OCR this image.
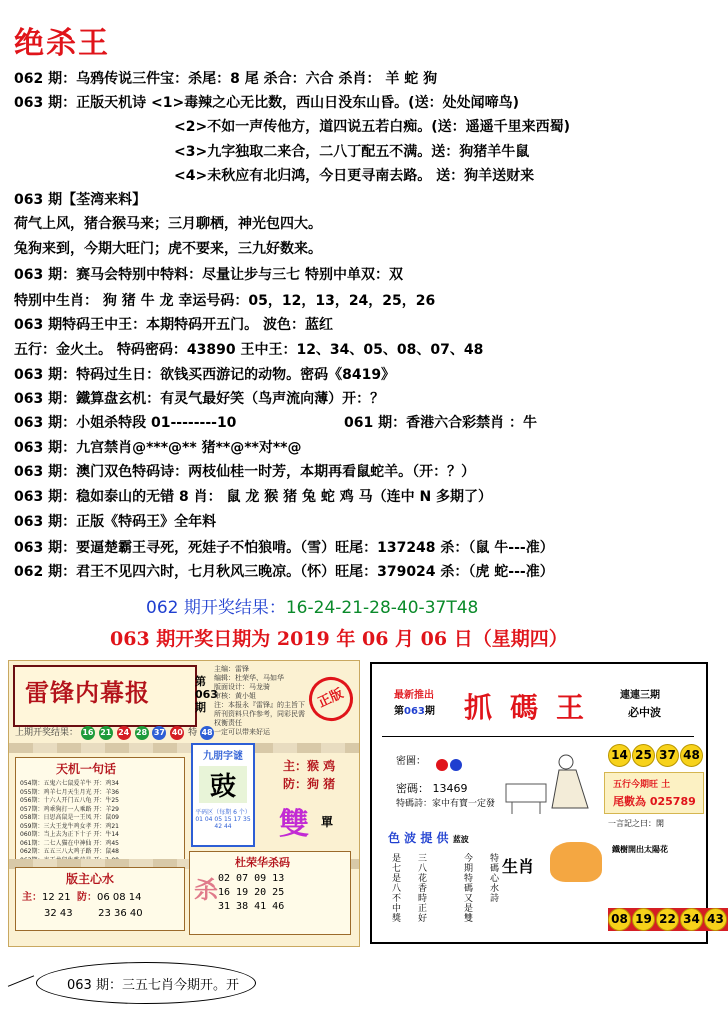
绝杀王
062 期：乌鸦传说三件宝：杀尾：8 尾 杀合：六合 杀肖： 羊 蛇 狗
063 期：正版天机诗 <1>毒辣之心无比数，西山日没东山昏。(送：处处闻啼鸟)
<2>不如一声传他方，道四说五若白痴。(送：遥遥千里来西蜀)
<3>九字独取二来合，二八丁配五不满。送：狗猪羊牛鼠
<4>未秋应有北归鸿，今日更寻南去路。 送：狗羊送财来
063 期【荃湾来料】
荷气上风，猪合猴马来；三月聊栖，神光包四大。
兔狗来到，今期大旺门；虎不要来，三九好数来。
063 期：赛马会特别中特料：尽量让步与三七 特别中单双：双
特别中生肖： 狗 猪 牛 龙 幸运号码：05，12，13，24，25，26
063 期特码王中王：本期特码开五门。 波色：蓝红
五行：金火土。 特码密码：43890 王中王：12、34、05、08、07、48
063 期：特码过生日：欲钱买西游记的动物。密码《8419》
063 期：鐵算盘玄机：有灵气最好笑（鸟声流向薄）开：？
063 期：小姐杀特段 01--------10	061 期：香港六合彩禁肖 ：牛
063 期：九宫禁肖@***@** 猪**@**对**@
063 期：澳门双色特码诗：两枝仙桂一时芳，本期再看鼠蛇羊。（开：？）
063 期：稳如泰山的无错 8 肖： 鼠 龙 猴 猪 兔 蛇 鸡 马（连中 N 多期了）
063 期：正版《特码王》全年料
063 期：要逼楚霸王寻死，死娃子不怕狼啃。（雪）旺尾：137248 杀：（鼠 牛---准）
062 期：君王不见四六时，七月秋风三晚凉。（怀）旺尾：379024 杀：（虎 蛇---准）
062 期开奖结果：16-24-21-28-40-37T48
063 期开奖日期为 2019 年 06 月 06 日（星期四）
雷锋内幕报	第063期
主编：雷锋
编辑：杜荣华、马如华
版面设计：马龙骑
审核：黄小姐
注：本报永『雷锋』的主旨下所刊资料只作参考，同彩民需权衡责任
一定可以带来好运
正版
上期开奖结果： 16 21 24 28 37 40 特 48
天机一句话
054期：五鬼六七鼠爱羊牛 开：鸡34
055期：鸡羊七月天生月光 开：羊36
056期：十六人开门五八龟 开：牛25
057期：鸡乖狗打一人乘路 开：羊29
058期：日思高鼠是一王凤 开：鼠09
059期：三大王龙牛鸡女孝 开：鸡21
060期：当上去为正下十子 开：牛14
061期：二七人猫在中神仙 开：鸡45
062期：五五三八大鸡子路 开：鼠48
九朋字谜
豉
平码区（每期 6 个）
01 04 05 15 17 35 42 44
主：猴 鸡
防：狗 猪
雙 單
版主心水
主：12 21 防：06 08 14
32 43	23 36 40
杀
杜荣华杀码
02 07 09 13
16 19 20 25
31 38 41 46
最新推出
第063期 抓碼王 連連三期
必中波
密圖：
密碼： 13469
特碼詩：家中有寶一定發
14 25 37 48
五行今期旺 土
尾數為 025789
色 波 提 供 蓝波
是七是八不中獎
三八花香時正好
今期特碼又是雙
特碼心水詩
生肖
一言記之曰：開
鐵樹開出太陽花
08 19 22 34 43
063 期：三五七肖今期开。开
